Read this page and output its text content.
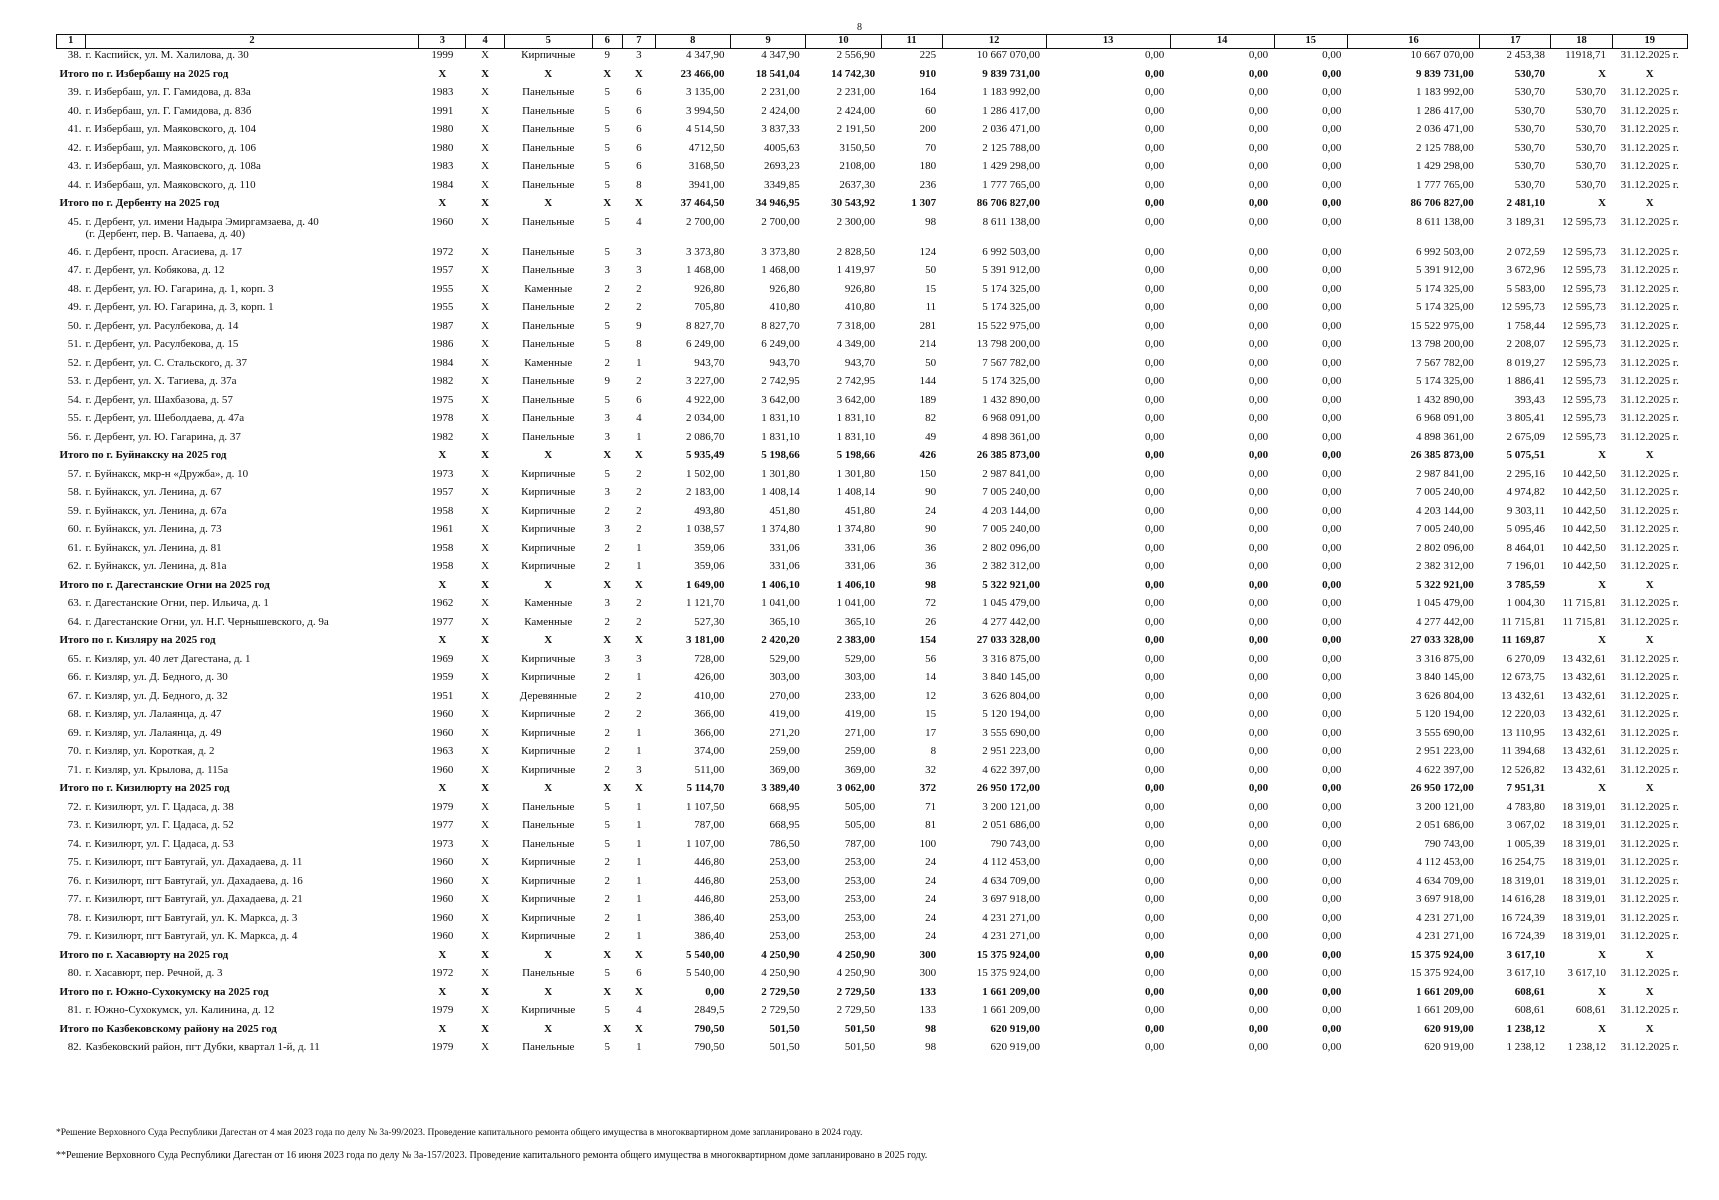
8
1	2	3	4	5	6	7	8	9	10	11	12	13	14	15	16	17	18	19
38. г. Каспийск, ул. М. Халилова, д. 30		1999	X	Кирпичные	9	3	4 347,90	4 347,90	2 556,90	225	10 667 070,00	0,00	0,00	0,00	10 667 070,00	2 453,38	11918,71	31.12.2025 г.
Итого по г. Избербашу на 2025 год		X	X	X	X	X	23 466,00	18 541,04	14 742,30	910	9 839 731,00	0,00	0,00	0,00	9 839 731,00	530,70	X	X
39. г. Избербаш, ул. Г. Гамидова, д. 83а		1983	X	Панельные	5	6	3 135,00	2 231,00	2 231,00	164	1 183 992,00	0,00	0,00	0,00	1 183 992,00	530,70	530,70	31.12.2025 г.
40. г. Избербаш, ул. Г. Гамидова, д. 83б		1991	X	Панельные	5	6	3 994,50	2 424,00	2 424,00	60	1 286 417,00	0,00	0,00	0,00	1 286 417,00	530,70	530,70	31.12.2025 г.
41. г. Избербаш, ул. Маяковского, д. 104		1980	X	Панельные	5	6	4 514,50	3 837,33	2 191,50	200	2 036 471,00	0,00	0,00	0,00	2 036 471,00	530,70	530,70	31.12.2025 г.
42. г. Избербаш, ул. Маяковского, д. 106		1980	X	Панельные	5	6	4712,50	4005,63	3150,50	70	2 125 788,00	0,00	0,00	0,00	2 125 788,00	530,70	530,70	31.12.2025 г.
43. г. Избербаш, ул. Маяковского, д. 108а		1983	X	Панельные	5	6	3168,50	2693,23	2108,00	180	1 429 298,00	0,00	0,00	0,00	1 429 298,00	530,70	530,70	31.12.2025 г.
44. г. Избербаш, ул. Маяковского, д. 110		1984	X	Панельные	5	8	3941,00	3349,85	2637,30	236	1 777 765,00	0,00	0,00	0,00	1 777 765,00	530,70	530,70	31.12.2025 г.
Итого по г. Дербенту на 2025 год		X	X	X	X	X	37 464,50	34 946,95	30 543,92	1 307	86 706 827,00	0,00	0,00	0,00	86 706 827,00	2 481,10	X	X
45. г. Дербент, ул. имени Надыра Эмиргамзаева, д. 40
(г. Дербент, пер. В. Чапаева, д. 40)		1960	X	Панельные	5	4	2 700,00	2 700,00	2 300,00	98	8 611 138,00	0,00	0,00	0,00	8 611 138,00	3 189,31	12 595,73	31.12.2025 г.
46. г. Дербент, просп. Агасиева, д. 17		1972	X	Панельные	5	3	3 373,80	3 373,80	2 828,50	124	6 992 503,00	0,00	0,00	0,00	6 992 503,00	2 072,59	12 595,73	31.12.2025 г.
47. г. Дербент, ул. Кобякова, д. 12		1957	X	Панельные	3	3	1 468,00	1 468,00	1 419,97	50	5 391 912,00	0,00	0,00	0,00	5 391 912,00	3 672,96	12 595,73	31.12.2025 г.
48. г. Дербент, ул. Ю. Гагарина, д. 1, корп. 3		1955	X	Каменные	2	2	926,80	926,80	926,80	15	5 174 325,00	0,00	0,00	0,00	5 174 325,00	5 583,00	12 595,73	31.12.2025 г.
49. г. Дербент, ул. Ю. Гагарина, д. 3, корп. 1		1955	X	Панельные	2	2	705,80	410,80	410,80	11	5 174 325,00	0,00	0,00	0,00	5 174 325,00	12 595,73	12 595,73	31.12.2025 г.
50. г. Дербент, ул. Расулбекова, д. 14		1987	X	Панельные	5	9	8 827,70	8 827,70	7 318,00	281	15 522 975,00	0,00	0,00	0,00	15 522 975,00	1 758,44	12 595,73	31.12.2025 г.
51. г. Дербент, ул. Расулбекова, д. 15		1986	X	Панельные	5	8	6 249,00	6 249,00	4 349,00	214	13 798 200,00	0,00	0,00	0,00	13 798 200,00	2 208,07	12 595,73	31.12.2025 г.
52. г. Дербент, ул. С. Стальского, д. 37		1984	X	Каменные	2	1	943,70	943,70	943,70	50	7 567 782,00	0,00	0,00	0,00	7 567 782,00	8 019,27	12 595,73	31.12.2025 г.
53. г. Дербент, ул. Х. Тагиева, д. 37а		1982	X	Панельные	9	2	3 227,00	2 742,95	2 742,95	144	5 174 325,00	0,00	0,00	0,00	5 174 325,00	1 886,41	12 595,73	31.12.2025 г.
54. г. Дербент, ул. Шахбазова, д. 57		1975	X	Панельные	5	6	4 922,00	3 642,00	3 642,00	189	1 432 890,00	0,00	0,00	0,00	1 432 890,00	393,43	12 595,73	31.12.2025 г.
55. г. Дербент, ул. Шеболдаева, д. 47а		1978	X	Панельные	3	4	2 034,00	1 831,10	1 831,10	82	6 968 091,00	0,00	0,00	0,00	6 968 091,00	3 805,41	12 595,73	31.12.2025 г.
56. г. Дербент, ул. Ю. Гагарина, д. 37		1982	X	Панельные	3	1	2 086,70	1 831,10	1 831,10	49	4 898 361,00	0,00	0,00	0,00	4 898 361,00	2 675,09	12 595,73	31.12.2025 г.
Итого по г. Буйнакску на 2025 год		X	X	X	X	X	5 935,49	5 198,66	5 198,66	426	26 385 873,00	0,00	0,00	0,00	26 385 873,00	5 075,51	X	X
57. г. Буйнакск, мкр-н «Дружба», д. 10		1973	X	Кирпичные	5	2	1 502,00	1 301,80	1 301,80	150	2 987 841,00	0,00	0,00	0,00	2 987 841,00	2 295,16	10 442,50	31.12.2025 г.
58. г. Буйнакск, ул. Ленина, д. 67		1957	X	Кирпичные	3	2	2 183,00	1 408,14	1 408,14	90	7 005 240,00	0,00	0,00	0,00	7 005 240,00	4 974,82	10 442,50	31.12.2025 г.
59. г. Буйнакск, ул. Ленина, д. 67а		1958	X	Кирпичные	2	2	493,80	451,80	451,80	24	4 203 144,00	0,00	0,00	0,00	4 203 144,00	9 303,11	10 442,50	31.12.2025 г.
60. г. Буйнакск, ул. Ленина, д. 73		1961	X	Кирпичные	3	2	1 038,57	1 374,80	1 374,80	90	7 005 240,00	0,00	0,00	0,00	7 005 240,00	5 095,46	10 442,50	31.12.2025 г.
61. г. Буйнакск, ул. Ленина, д. 81		1958	X	Кирпичные	2	1	359,06	331,06	331,06	36	2 802 096,00	0,00	0,00	0,00	2 802 096,00	8 464,01	10 442,50	31.12.2025 г.
62. г. Буйнакск, ул. Ленина, д. 81а		1958	X	Кирпичные	2	1	359,06	331,06	331,06	36	2 382 312,00	0,00	0,00	0,00	2 382 312,00	7 196,01	10 442,50	31.12.2025 г.
Итого по г. Дагестанские Огни на 2025 год		X	X	X	X	X	1 649,00	1 406,10	1 406,10	98	5 322 921,00	0,00	0,00	0,00	5 322 921,00	3 785,59	X	X
63. г. Дагестанские Огни, пер. Ильича, д. 1		1962	X	Каменные	3	2	1 121,70	1 041,00	1 041,00	72	1 045 479,00	0,00	0,00	0,00	1 045 479,00	1 004,30	11 715,81	31.12.2025 г.
64. г. Дагестанские Огни, ул. Н.Г. Чернышевского, д. 9а		1977	X	Каменные	2	2	527,30	365,10	365,10	26	4 277 442,00	0,00	0,00	0,00	4 277 442,00	11 715,81	11 715,81	31.12.2025 г.
Итого по г. Кизляру на 2025 год		X	X	X	X	X	3 181,00	2 420,20	2 383,00	154	27 033 328,00	0,00	0,00	0,00	27 033 328,00	11 169,87	X	X
65. г. Кизляр, ул. 40 лет Дагестана, д. 1		1969	X	Кирпичные	3	3	728,00	529,00	529,00	56	3 316 875,00	0,00	0,00	0,00	3 316 875,00	6 270,09	13 432,61	31.12.2025 г.
66. г. Кизляр, ул. Д. Бедного, д. 30		1959	X	Кирпичные	2	1	426,00	303,00	303,00	14	3 840 145,00	0,00	0,00	0,00	3 840 145,00	12 673,75	13 432,61	31.12.2025 г.
67. г. Кизляр, ул. Д. Бедного, д. 32		1951	X	Деревянные	2	2	410,00	270,00	233,00	12	3 626 804,00	0,00	0,00	0,00	3 626 804,00	13 432,61	13 432,61	31.12.2025 г.
68. г. Кизляр, ул. Лалаянца, д. 47		1960	X	Кирпичные	2	2	366,00	419,00	419,00	15	5 120 194,00	0,00	0,00	0,00	5 120 194,00	12 220,03	13 432,61	31.12.2025 г.
69. г. Кизляр, ул. Лалаянца, д. 49		1960	X	Кирпичные	2	1	366,00	271,20	271,00	17	3 555 690,00	0,00	0,00	0,00	3 555 690,00	13 110,95	13 432,61	31.12.2025 г.
70. г. Кизляр, ул. Короткая, д. 2		1963	X	Кирпичные	2	1	374,00	259,00	259,00	8	2 951 223,00	0,00	0,00	0,00	2 951 223,00	11 394,68	13 432,61	31.12.2025 г.
71. г. Кизляр, ул. Крылова, д. 115а		1960	X	Кирпичные	2	3	511,00	369,00	369,00	32	4 622 397,00	0,00	0,00	0,00	4 622 397,00	12 526,82	13 432,61	31.12.2025 г.
Итого по г. Кизилюрту на 2025 год		X	X	X	X	X	5 114,70	3 389,40	3 062,00	372	26 950 172,00	0,00	0,00	0,00	26 950 172,00	7 951,31	X	X
72. г. Кизилюрт, ул. Г. Цадаса, д. 38		1979	X	Панельные	5	1	1 107,50	668,95	505,00	71	3 200 121,00	0,00	0,00	0,00	3 200 121,00	4 783,80	18 319,01	31.12.2025 г.
73. г. Кизилюрт, ул. Г. Цадаса, д. 52		1977	X	Панельные	5	1	787,00	668,95	505,00	81	2 051 686,00	0,00	0,00	0,00	2 051 686,00	3 067,02	18 319,01	31.12.2025 г.
74. г. Кизилюрт, ул. Г. Цадаса, д. 53		1973	X	Панельные	5	1	1 107,00	786,50	787,00	100	790 743,00	0,00	0,00	0,00	790 743,00	1 005,39	18 319,01	31.12.2025 г.
75. г. Кизилюрт, пгт Бавтугай, ул. Дахадаева, д. 11		1960	X	Кирпичные	2	1	446,80	253,00	253,00	24	4 112 453,00	0,00	0,00	0,00	4 112 453,00	16 254,75	18 319,01	31.12.2025 г.
76. г. Кизилюрт, пгт Бавтугай, ул. Дахадаева, д. 16		1960	X	Кирпичные	2	1	446,80	253,00	253,00	24	4 634 709,00	0,00	0,00	0,00	4 634 709,00	18 319,01	18 319,01	31.12.2025 г.
77. г. Кизилюрт, пгт Бавтугай, ул. Дахадаева, д. 21		1960	X	Кирпичные	2	1	446,80	253,00	253,00	24	3 697 918,00	0,00	0,00	0,00	3 697 918,00	14 616,28	18 319,01	31.12.2025 г.
78. г. Кизилюрт, пгт Бавтугай, ул. К. Маркса, д. 3		1960	X	Кирпичные	2	1	386,40	253,00	253,00	24	4 231 271,00	0,00	0,00	0,00	4 231 271,00	16 724,39	18 319,01	31.12.2025 г.
79. г. Кизилюрт, пгт Бавтугай, ул. К. Маркса, д. 4		1960	X	Кирпичные	2	1	386,40	253,00	253,00	24	4 231 271,00	0,00	0,00	0,00	4 231 271,00	16 724,39	18 319,01	31.12.2025 г.
Итого по г. Хасавюрту на 2025 год		X	X	X	X	X	5 540,00	4 250,90	4 250,90	300	15 375 924,00	0,00	0,00	0,00	15 375 924,00	3 617,10	X	X
80. г. Хасавюрт, пер. Речной, д. 3		1972	X	Панельные	5	6	5 540,00	4 250,90	4 250,90	300	15 375 924,00	0,00	0,00	0,00	15 375 924,00	3 617,10	3 617,10	31.12.2025 г.
Итого по г. Южно-Сухокумску на 2025 год		X	X	X	X	X	0,00	2 729,50	2 729,50	133	1 661 209,00	0,00	0,00	0,00	1 661 209,00	608,61	X	X
81. г. Южно-Сухокумск, ул. Калинина, д. 12		1979	X	Кирпичные	5	4	2849,5	2 729,50	2 729,50	133	1 661 209,00	0,00	0,00	0,00	1 661 209,00	608,61	608,61	31.12.2025 г.
Итого по Казбековскому району на 2025 год		X	X	X	X	X	790,50	501,50	501,50	98	620 919,00	0,00	0,00	0,00	620 919,00	1 238,12	X	X
82. Казбековский район, пгт Дубки, квартал 1-й, д. 11		1979	X	Панельные	5	1	790,50	501,50	501,50	98	620 919,00	0,00	0,00	0,00	620 919,00	1 238,12	1 238,12	31.12.2025 г.
*Решение Верховного Суда Республики Дагестан от 4 мая 2023 года по делу № 3а-99/2023. Проведение капитального ремонта общего имущества в многоквартирном доме запланировано в 2024 году.
**Решение Верховного Суда Республики Дагестан от 16 июня 2023 года по делу № 3а-157/2023. Проведение капитального ремонта общего имущества в многоквартирном доме запланировано в 2025 году.
